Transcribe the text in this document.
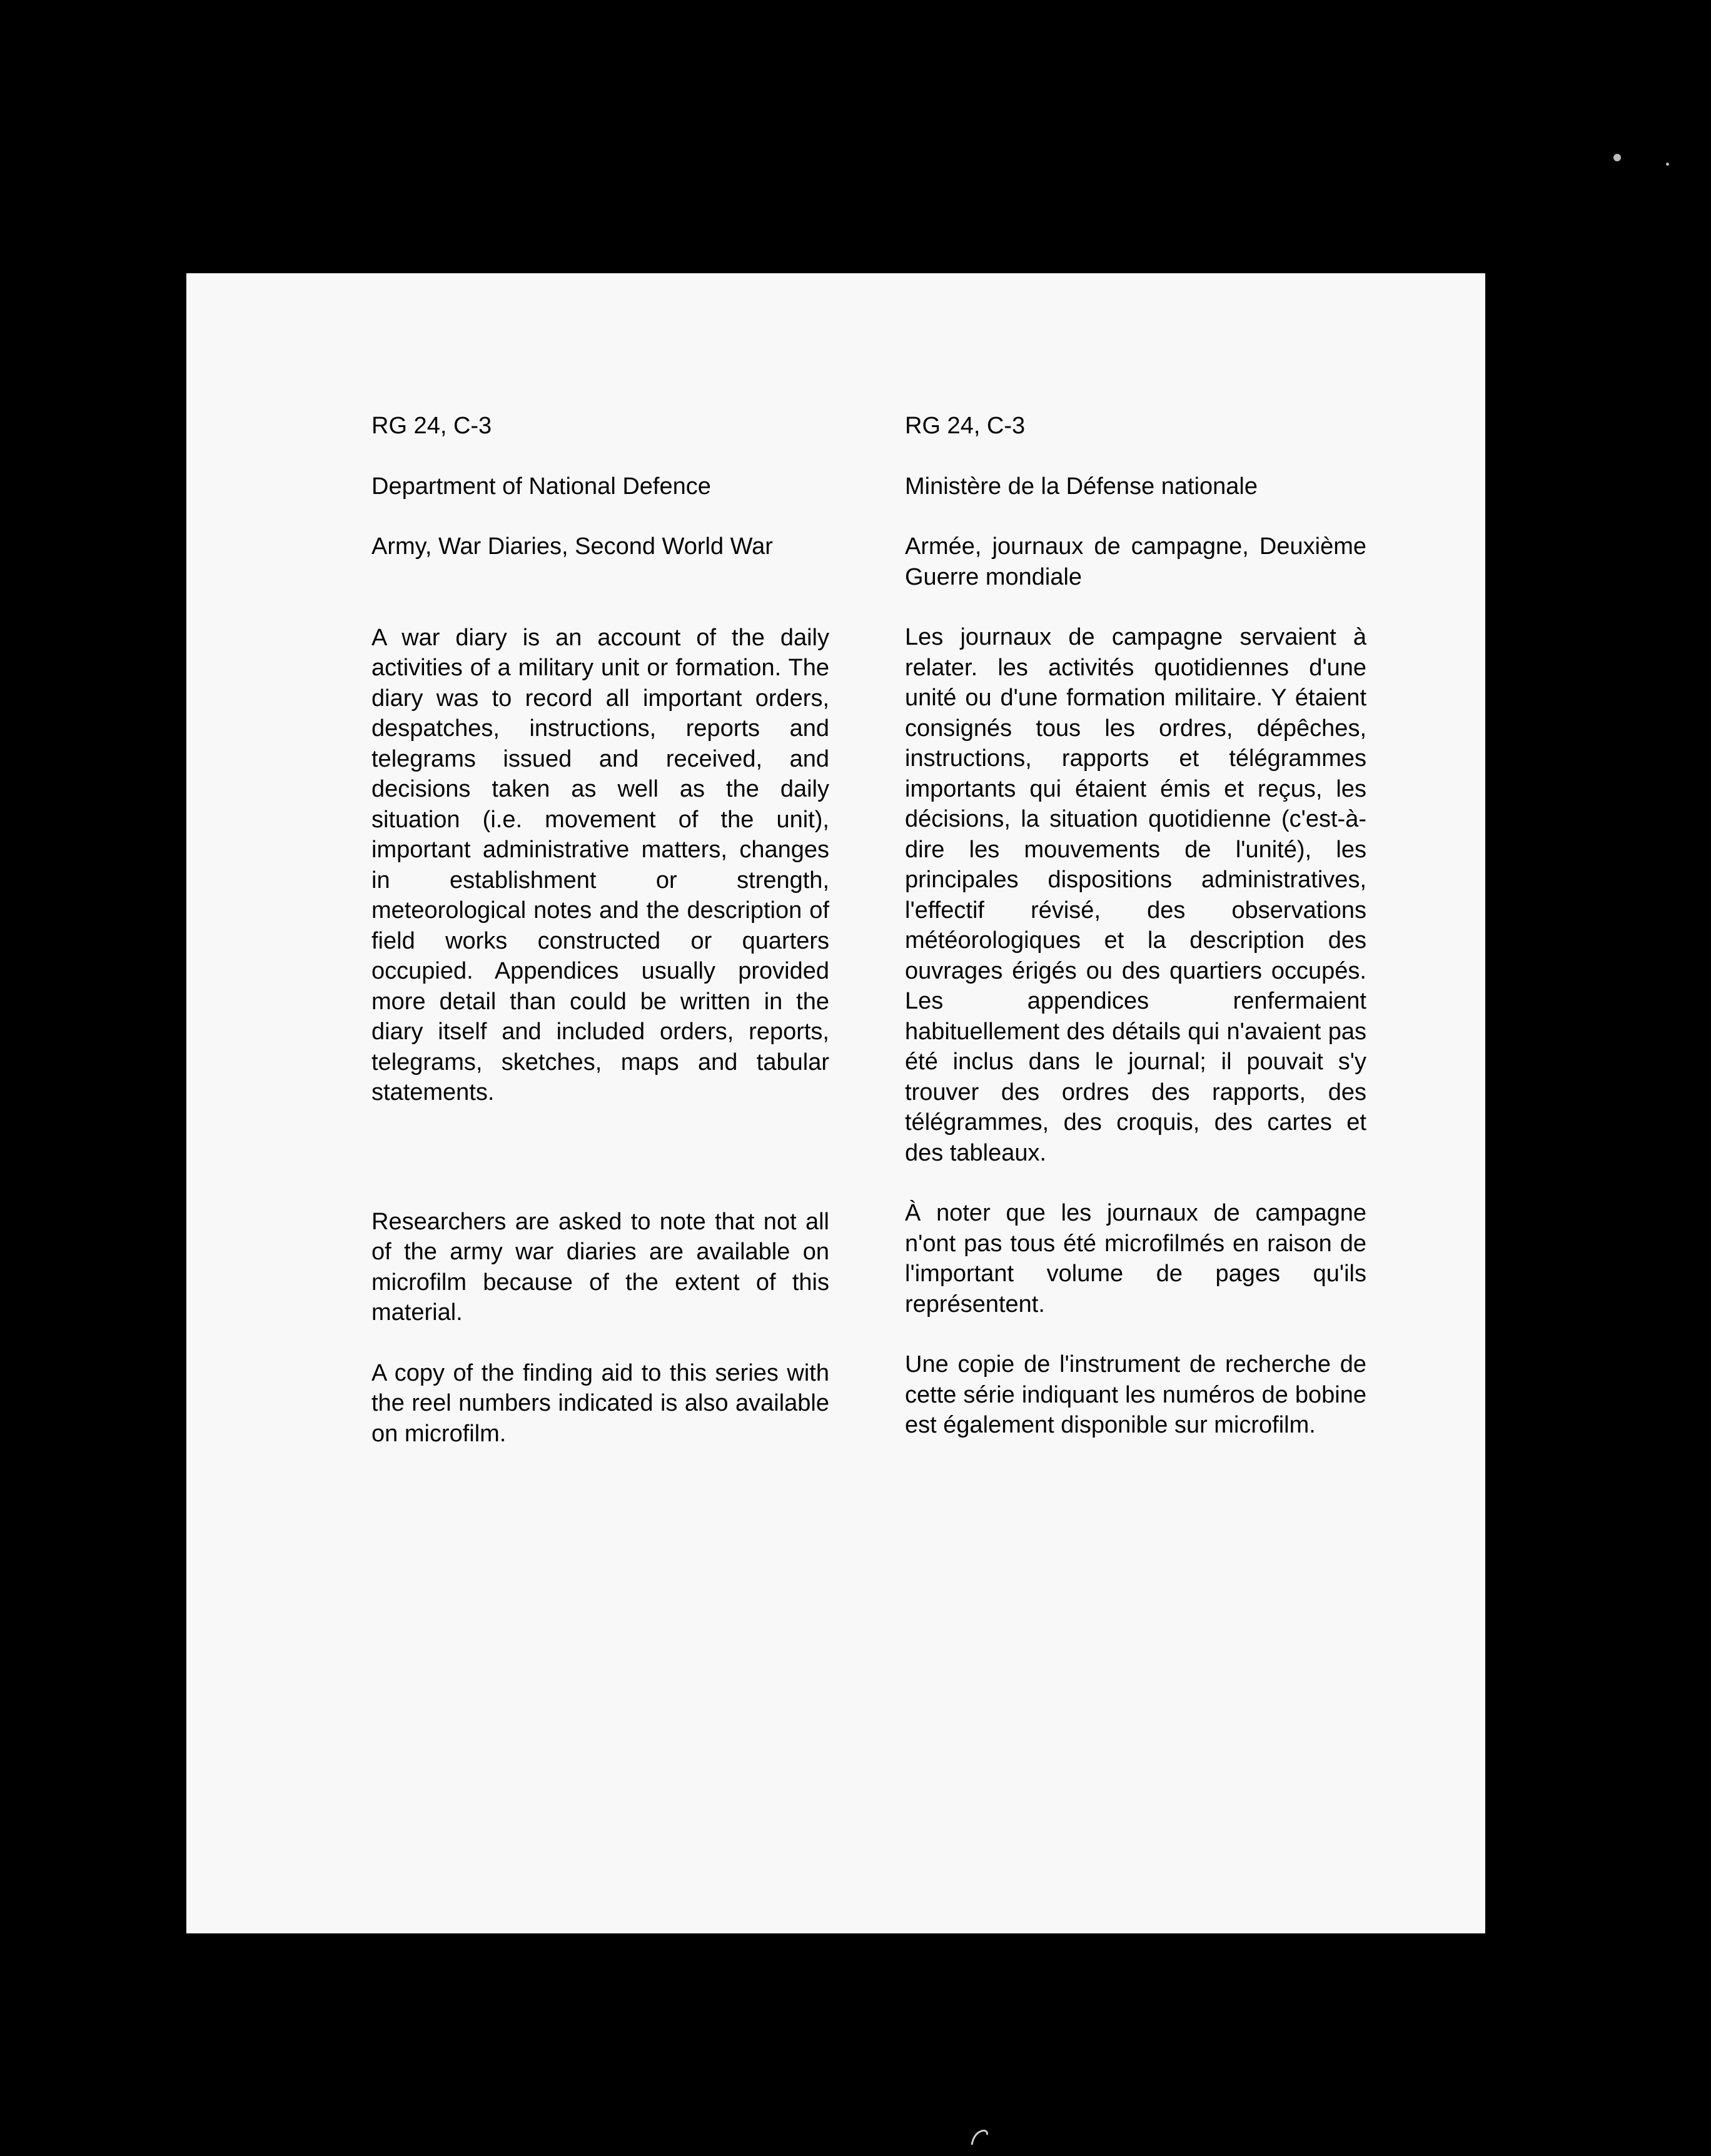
RG 24, C-3

Department of National Defence

Army, War Diaries, Second World War

A war diary is an account of the daily activities of a military unit or formation. The diary was to record all important orders, despatches, instructions, reports and telegrams issued and received, and decisions taken as well as the daily situation (i.e. movement of the unit), important administrative matters, changes in establishment or strength, meteorological notes and the description of field works constructed or quarters occupied. Appendices usually provided more detail than could be written in the diary itself and included orders, reports, telegrams, sketches, maps and tabular statements.

Researchers are asked to note that not all of the army war diaries are available on microfilm because of the extent of this material.

A copy of the finding aid to this series with the reel numbers indicated is also available on microfilm.

RG 24, C-3

Ministère de la Défense nationale

Armée, journaux de campagne, Deuxième Guerre mondiale

Les journaux de campagne servaient à relater. les activités quotidiennes d'une unité ou d'une formation militaire. Y étaient consignés tous les ordres, dépêches, instructions, rapports et télégrammes importants qui étaient émis et reçus, les décisions, la situation quotidienne (c'est-à-dire les mouvements de l'unité), les principales dispositions administratives, l'effectif révisé, des observations météorologiques et la description des ouvrages érigés ou des quartiers occupés. Les appendices renfermaient habituellement des détails qui n'avaient pas été inclus dans le journal; il pouvait s'y trouver des ordres des rapports, des télégrammes, des croquis, des cartes et des tableaux.

À noter que les journaux de campagne n'ont pas tous été microfilmés en raison de l'important volume de pages qu'ils représentent.

Une copie de l'instrument de recherche de cette série indiquant les numéros de bobine est également disponible sur microfilm.
